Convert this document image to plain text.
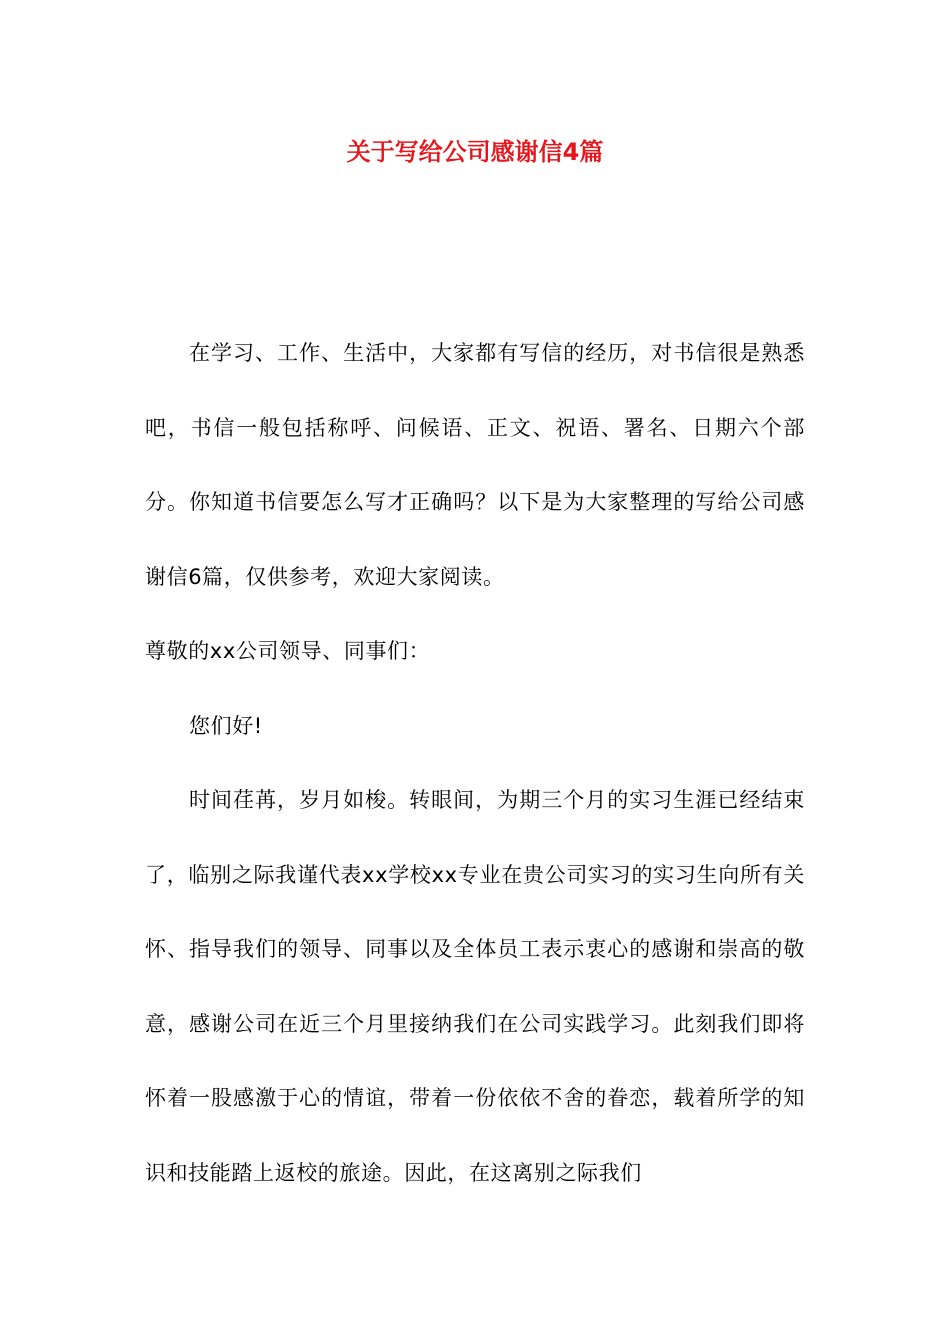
关于写给公司感谢信4篇

在学习、工作、生活中，大家都有写信的经历，对书信很是熟悉吧，书信一般包括称呼、问候语、正文、祝语、署名、日期六个部分。你知道书信要怎么写才正确吗？以下是为大家整理的写给公司感谢信6篇，仅供参考，欢迎大家阅读。

尊敬的xx公司领导、同事们：

您们好!

时间荏苒，岁月如梭。转眼间，为期三个月的实习生涯已经结束了，临别之际我谨代表xx学校xx专业在贵公司实习的实习生向所有关怀、指导我们的领导、同事以及全体员工表示衷心的感谢和崇高的敬意，感谢公司在近三个月里接纳我们在公司实践学习。此刻我们即将怀着一股感激于心的情谊，带着一份依依不舍的眷恋，载着所学的知识和技能踏上返校的旅途。因此，在这离别之际我们
